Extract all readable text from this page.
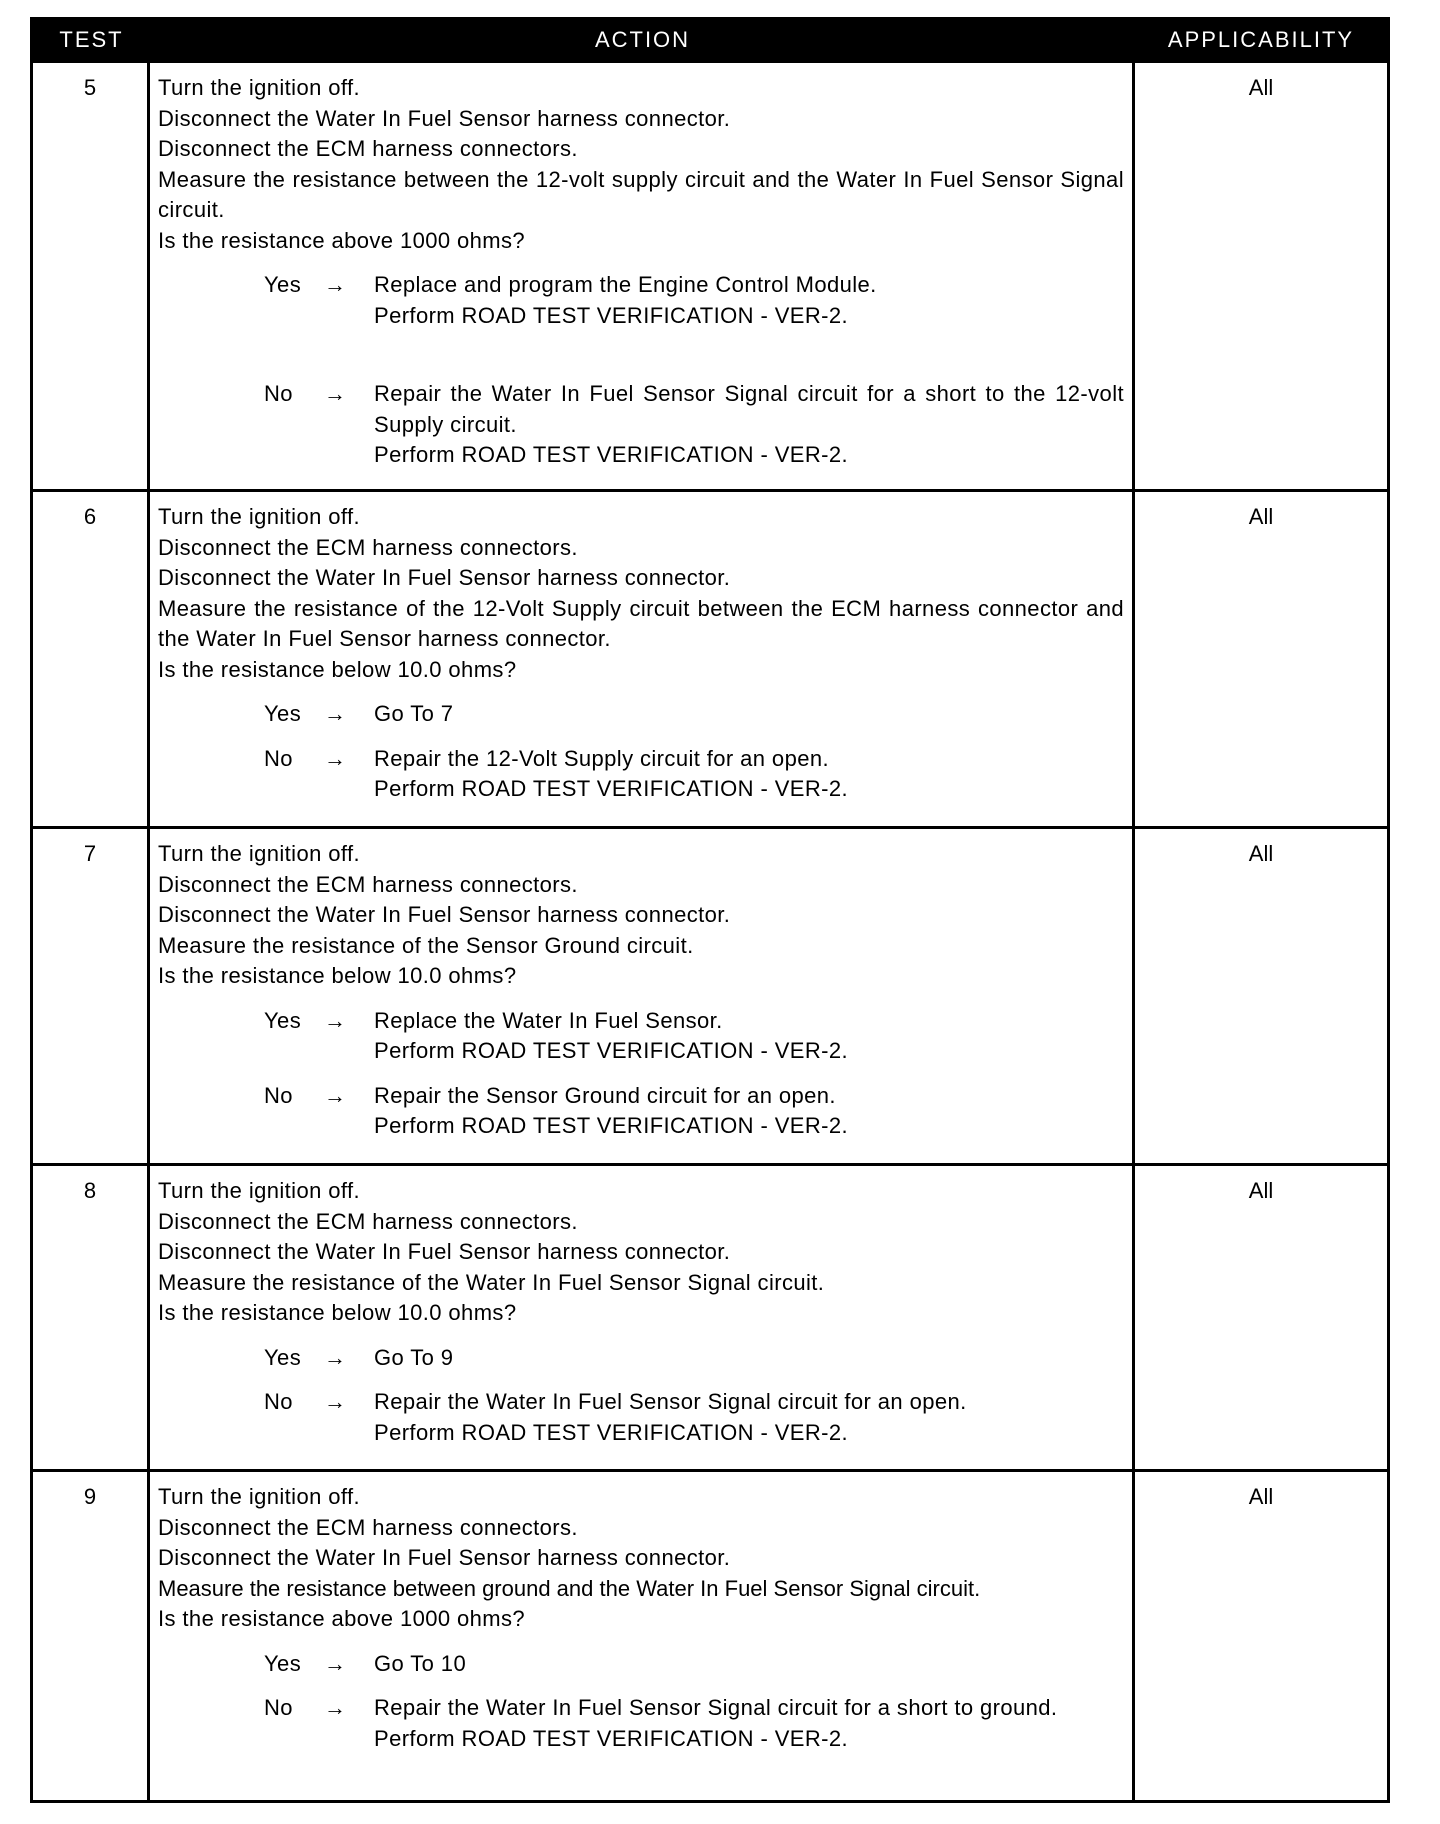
TEST	ACTION	APPLICABILITY
5	Turn the ignition off.
Disconnect the Water In Fuel Sensor harness connector.
Disconnect the ECM harness connectors.
Measure the resistance between the 12-volt supply circuit and the Water In Fuel Sensor Signal circuit.
Is the resistance above 1000 ohms?
Yes	→	Replace and program the Engine Control Module.
Perform ROAD TEST VERIFICATION - VER-2.
No	→	Repair the Water In Fuel Sensor Signal circuit for a short to the 12-volt Supply circuit.
Perform ROAD TEST VERIFICATION - VER-2.
All
6	Turn the ignition off.
Disconnect the ECM harness connectors.
Disconnect the Water In Fuel Sensor harness connector.
Measure the resistance of the 12-Volt Supply circuit between the ECM harness connector and the Water In Fuel Sensor harness connector.
Is the resistance below 10.0 ohms?
Yes	→	Go To 7
No	→	Repair the 12-Volt Supply circuit for an open.
Perform ROAD TEST VERIFICATION - VER-2.
All
7	Turn the ignition off.
Disconnect the ECM harness connectors.
Disconnect the Water In Fuel Sensor harness connector.
Measure the resistance of the Sensor Ground circuit.
Is the resistance below 10.0 ohms?
Yes	→	Replace the Water In Fuel Sensor.
Perform ROAD TEST VERIFICATION - VER-2.
No	→	Repair the Sensor Ground circuit for an open.
Perform ROAD TEST VERIFICATION - VER-2.
All
8	Turn the ignition off.
Disconnect the ECM harness connectors.
Disconnect the Water In Fuel Sensor harness connector.
Measure the resistance of the Water In Fuel Sensor Signal circuit.
Is the resistance below 10.0 ohms?
Yes	→	Go To 9
No	→	Repair the Water In Fuel Sensor Signal circuit for an open.
Perform ROAD TEST VERIFICATION - VER-2.
All
9	Turn the ignition off.
Disconnect the ECM harness connectors.
Disconnect the Water In Fuel Sensor harness connector.
Measure the resistance between ground and the Water In Fuel Sensor Signal circuit.
Is the resistance above 1000 ohms?
Yes	→	Go To 10
No	→	Repair the Water In Fuel Sensor Signal circuit for a short to ground.
Perform ROAD TEST VERIFICATION - VER-2.
All
